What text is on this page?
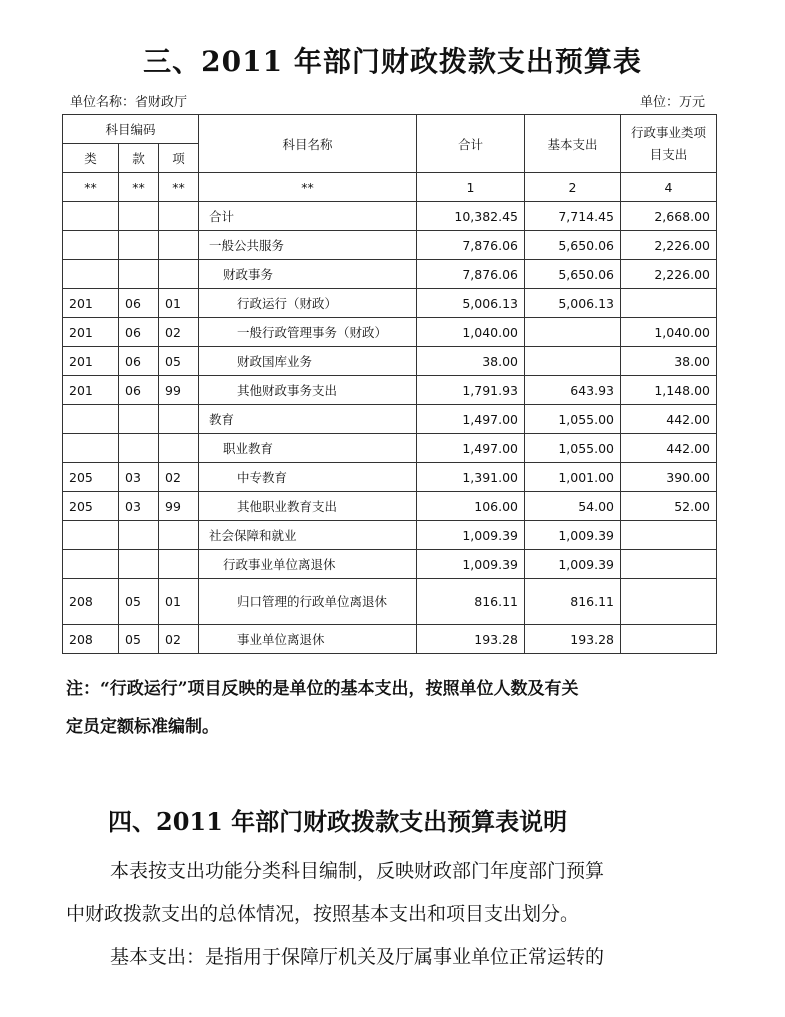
三、2011 年部门财政拨款支出预算表
单位名称：省财政厅	单位：万元
科目编码			科目名称	合计	基本支出	行政事业类项目支出
类	款	项				
**	**	**	**	1	2	4
			合计	10,382.45	7,714.45	2,668.00
			一般公共服务	7,876.06	5,650.06	2,226.00
			财政事务	7,876.06	5,650.06	2,226.00
201	06	01	行政运行（财政）	5,006.13	5,006.13	
201	06	02	一般行政管理事务（财政）	1,040.00		1,040.00
201	06	05	财政国库业务	38.00		38.00
201	06	99	其他财政事务支出	1,791.93	643.93	1,148.00
			教育	1,497.00	1,055.00	442.00
			职业教育	1,497.00	1,055.00	442.00
205	03	02	中专教育	1,391.00	1,001.00	390.00
205	03	99	其他职业教育支出	106.00	54.00	52.00
			社会保障和就业	1,009.39	1,009.39	
			行政事业单位离退休	1,009.39	1,009.39	
208	05	01	归口管理的行政单位离退休	816.11	816.11	
208	05	02	事业单位离退休	193.28	193.28	

注：“行政运行”项目反映的是单位的基本支出，按照单位人数及有关

定员定额标准编制。

四、2011 年部门财政拨款支出预算表说明

本表按支出功能分类科目编制，反映财政部门年度部门预算

中财政拨款支出的总体情况，按照基本支出和项目支出划分。

基本支出：是指用于保障厅机关及厅属事业单位正常运转的
